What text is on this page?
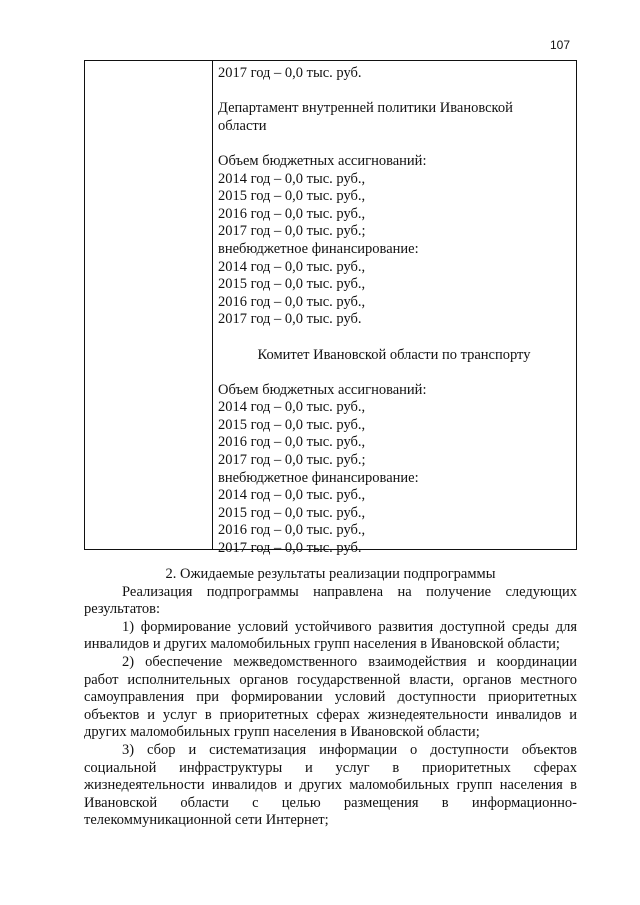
107
2017 год – 0,0 тыс. руб.
Департамент внутренней политики Ивановской
области
Объем бюджетных ассигнований:
2014 год – 0,0 тыс. руб.,
2015 год – 0,0 тыс. руб.,
2016 год – 0,0 тыс. руб.,
2017 год – 0,0 тыс. руб.;
внебюджетное финансирование:
2014 год – 0,0 тыс. руб.,
2015 год – 0,0 тыс. руб.,
2016 год – 0,0 тыс. руб.,
2017 год – 0,0 тыс. руб.
Комитет Ивановской области по транспорту
Объем бюджетных ассигнований:
2014 год – 0,0 тыс. руб.,
2015 год – 0,0 тыс. руб.,
2016 год – 0,0 тыс. руб.,
2017 год – 0,0 тыс. руб.;
внебюджетное финансирование:
2014 год – 0,0 тыс. руб.,
2015 год – 0,0 тыс. руб.,
2016 год – 0,0 тыс. руб.,
2017 год – 0,0 тыс. руб.
2. Ожидаемые результаты реализации подпрограммы

Реализация подпрограммы направлена на получение следующих результатов:

1) формирование условий устойчивого развития доступной среды для инвалидов и других маломобильных групп населения в Ивановской области;

2) обеспечение межведомственного взаимодействия и координации работ исполнительных органов государственной власти, органов местного самоуправления при формировании условий доступности приоритетных объектов и услуг в приоритетных сферах жизнедеятельности инвалидов и других маломобильных групп населения в Ивановской области;

3) сбор и систематизация информации о доступности объектов социальной инфраструктуры и услуг в приоритетных сферах жизнедеятельности инвалидов и других маломобильных групп населения в Ивановской области с целью размещения в информационно-телекоммуникационной сети Интернет;
